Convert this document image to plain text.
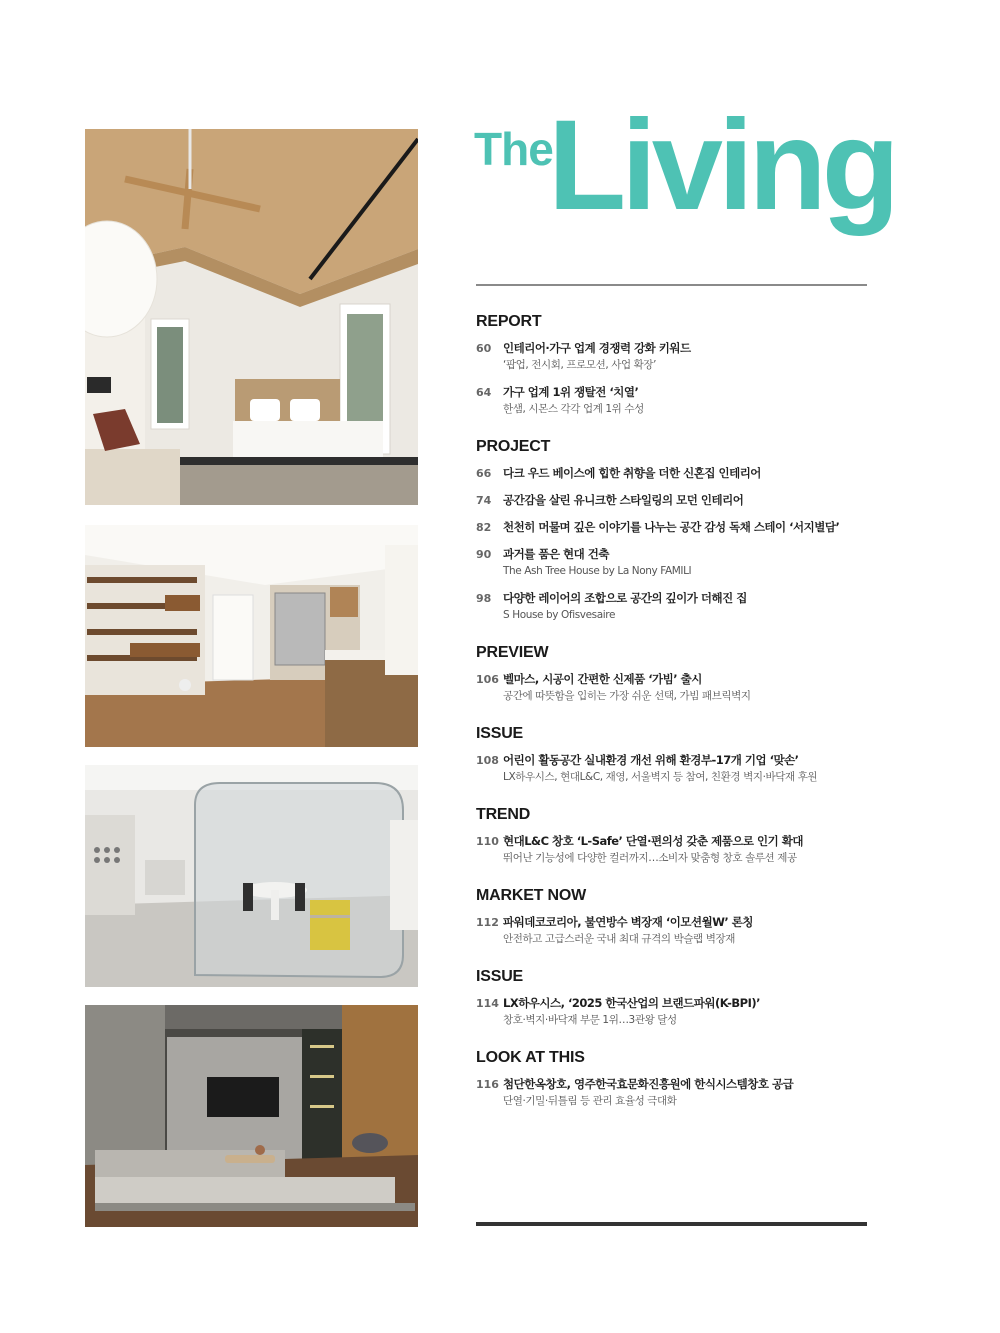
The
Living
REPORT
60	인테리어·가구 업계 경쟁력 강화 키워드
‘팝업, 전시회, 프로모션, 사업 확장’
64	가구 업계 1위 쟁탈전 ‘치열’
한샘, 시몬스 각각 업계 1위 수성
PROJECT
66	다크 우드 베이스에 힙한 취향을 더한 신혼집 인테리어
74	공간감을 살린 유니크한 스타일링의 모던 인테리어
82	천천히 머물며 깊은 이야기를 나누는 공간 감성 독채 스테이 ‘서지별담’
90	과거를 품은 현대 건축
The Ash Tree House by La Nony FAMILI
98	다양한 레이어의 조합으로 공간의 깊이가 더해진 집
S House by Ofisvesaire
PREVIEW
106 벨마스, 시공이 간편한 신제품 ‘가빔’ 출시
공간에 따뜻함을 입히는 가장 쉬운 선택, 가빔 패브릭벽지
ISSUE
108 어린이 활동공간 실내환경 개선 위해 환경부-17개 기업 ‘맞손’
LX하우시스, 현대L&C, 재영, 서울벽지 등 참여, 친환경 벽지·바닥재 후원
TREND
110 현대L&C 창호 ‘L-Safe’ 단열·편의성 갖춘 제품으로 인기 확대
뛰어난 기능성에 다양한 컬러까지…소비자 맞춤형 창호 솔루션 제공
MARKET NOW
112 파워데코코리아, 불연방수 벽장재 ‘이모션월W’ 론칭
안전하고 고급스러운 국내 최대 규격의 박슬랩 벽장재
ISSUE
114 LX하우시스, ‘2025 한국산업의 브랜드파워(K-BPI)’
창호·벽지·바닥재 부문 1위…3관왕 달성
LOOK AT THIS
116 첨단한옥창호, 영주한국효문화진흥원에 한식시스템창호 공급
단열·기밀·뒤틀림 등 관리 효율성 극대화
